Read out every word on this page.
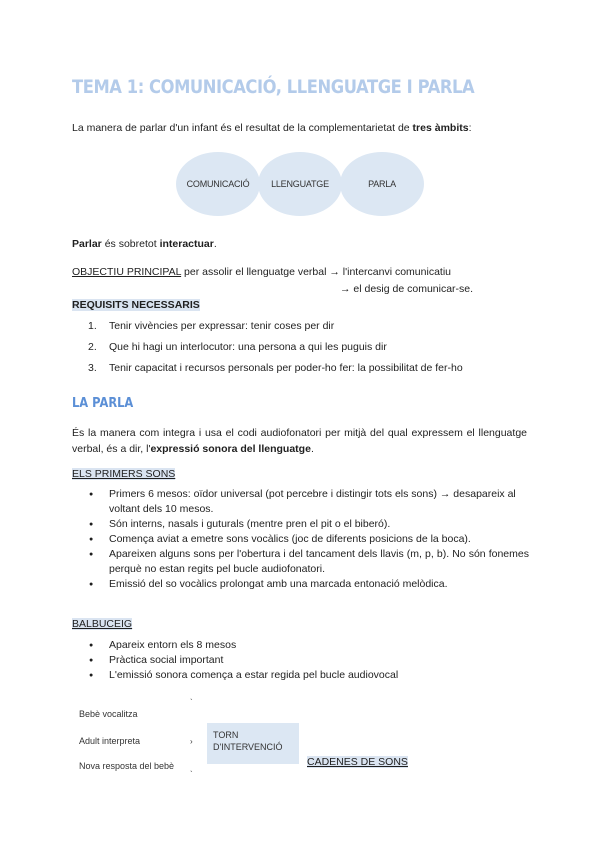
TEMA 1: COMUNICACIÓ, LLENGUATGE I PARLA
La manera de parlar d'un infant és el resultat de la complementarietat de tres àmbits:
COMUNICACIÓ LLENGUATGE	PARLA
Parlar és sobretot interactuar.
OBJECTIU PRINCIPAL per assolir el llenguatge verbal → l'intercanvi comunicatiu
→ el desig de comunicar-se.
REQUISITS NECESSARIS
1. Tenir vivències per expressar: tenir coses per dir
2. Que hi hagi un interlocutor: una persona a qui les puguis dir
3. Tenir capacitat i recursos personals per poder-ho fer: la possibilitat de fer-ho
LA PARLA
És la manera com integra i usa el codi audiofonatori per mitjà del qual expressem el llenguatge verbal, és a dir, l'expressió sonora del llenguatge.
ELS PRIMERS SONS
● Primers 6 mesos: oïdor universal (pot percebre i distingir tots els sons) → desapareix al voltant dels 10 mesos.
● Són interns, nasals i guturals (mentre pren el pit o el biberó).
● Comença aviat a emetre sons vocàlics (joc de diferents posicions de la boca).
● Apareixen alguns sons per l'obertura i del tancament dels llavis (m, p, b). No són fonemes perquè no estan regits pel bucle audiofonatori.
● Emissió del so vocàlics prolongat amb una marcada entonació melòdica.
BALBUCEIG
● Apareix entorn els 8 mesos
● Pràctica social important
● L'emissió sonora comença a estar regida pel bucle audiovocal
Bebè vocalitza
Adult interpreta
Nova resposta del bebè
`
›
`
TORN
D'INTERVENCIÓ
CADENES DE SONS
